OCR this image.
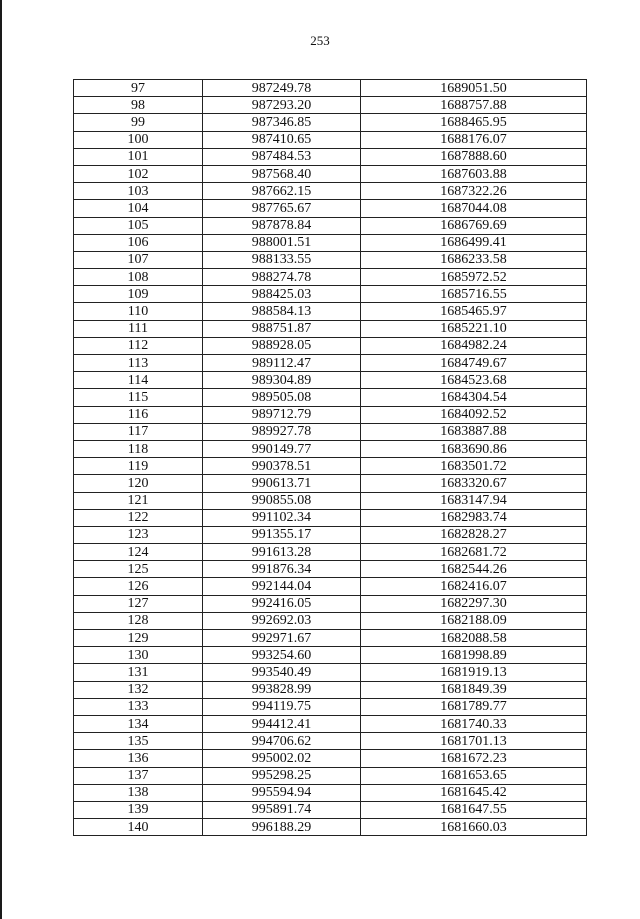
253
97	987249.78	1689051.50
98	987293.20	1688757.88
99	987346.85	1688465.95
100	987410.65	1688176.07
101	987484.53	1687888.60
102	987568.40	1687603.88
103	987662.15	1687322.26
104	987765.67	1687044.08
105	987878.84	1686769.69
106	988001.51	1686499.41
107	988133.55	1686233.58
108	988274.78	1685972.52
109	988425.03	1685716.55
110	988584.13	1685465.97
111	988751.87	1685221.10
112	988928.05	1684982.24
113	989112.47	1684749.67
114	989304.89	1684523.68
115	989505.08	1684304.54
116	989712.79	1684092.52
117	989927.78	1683887.88
118	990149.77	1683690.86
119	990378.51	1683501.72
120	990613.71	1683320.67
121	990855.08	1683147.94
122	991102.34	1682983.74
123	991355.17	1682828.27
124	991613.28	1682681.72
125	991876.34	1682544.26
126	992144.04	1682416.07
127	992416.05	1682297.30
128	992692.03	1682188.09
129	992971.67	1682088.58
130	993254.60	1681998.89
131	993540.49	1681919.13
132	993828.99	1681849.39
133	994119.75	1681789.77
134	994412.41	1681740.33
135	994706.62	1681701.13
136	995002.02	1681672.23
137	995298.25	1681653.65
138	995594.94	1681645.42
139	995891.74	1681647.55
140	996188.29	1681660.03
